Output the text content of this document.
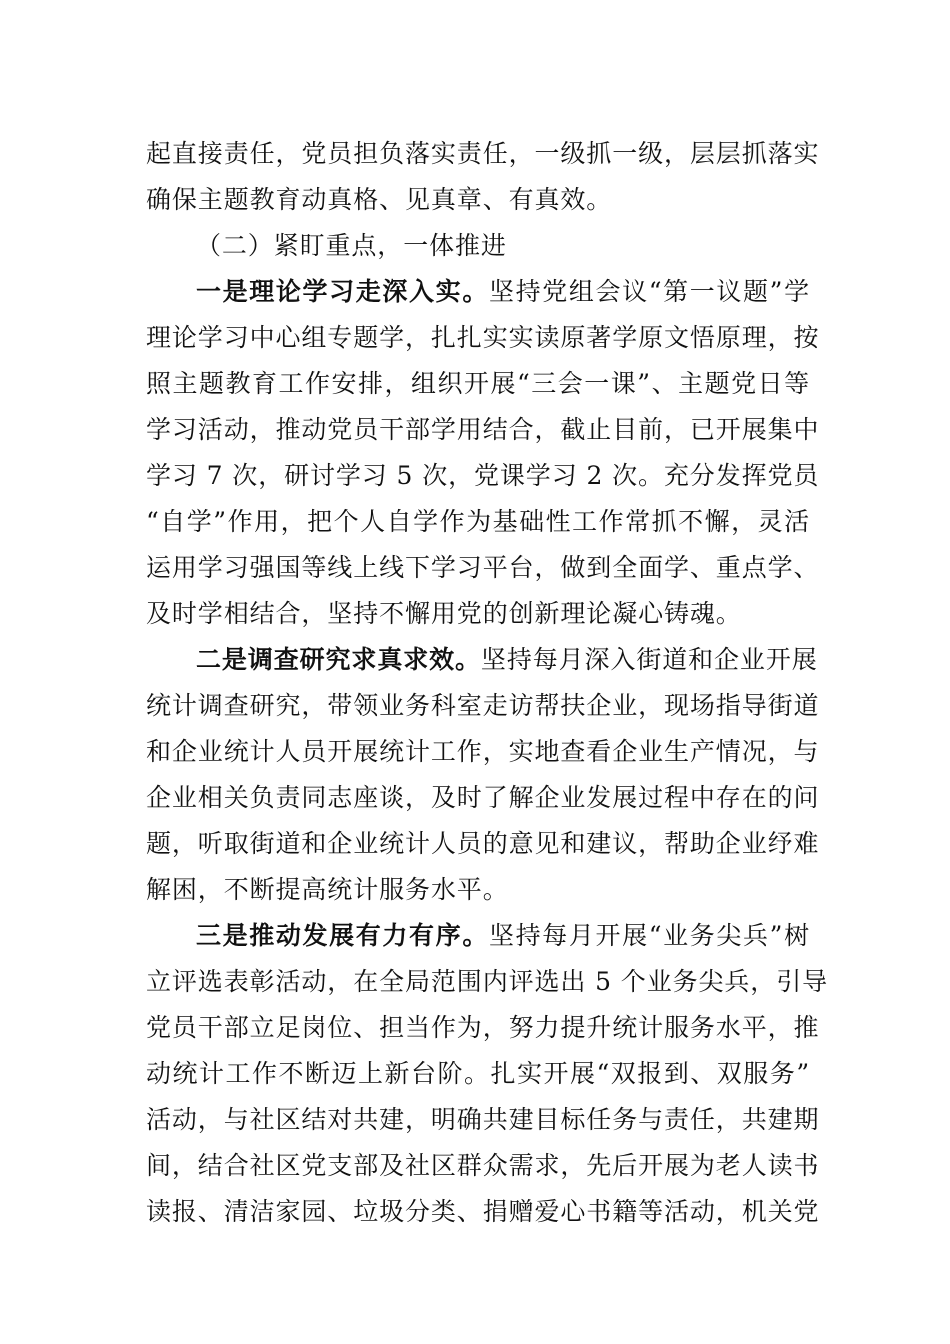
起直接责任，党员担负落实责任，一级抓一级，层层抓落实
确保主题教育动真格、见真章、有真效。
（二）紧盯重点，一体推进
一是理论学习走深入实。坚持党组会议“第一议题”学
理论学习中心组专题学，扎扎实实读原著学原文悟原理，按
照主题教育工作安排，组织开展“三会一课”、主题党日等
学习活动，推动党员干部学用结合，截止目前，已开展集中
学习 7 次，研讨学习 5 次，党课学习 2 次。充分发挥党员
“自学”作用，把个人自学作为基础性工作常抓不懈，灵活
运用学习强国等线上线下学习平台，做到全面学、重点学、
及时学相结合，坚持不懈用党的创新理论凝心铸魂。
二是调查研究求真求效。坚持每月深入街道和企业开展
统计调查研究，带领业务科室走访帮扶企业，现场指导街道
和企业统计人员开展统计工作，实地查看企业生产情况，与
企业相关负责同志座谈，及时了解企业发展过程中存在的问
题，听取街道和企业统计人员的意见和建议，帮助企业纾难
解困，不断提高统计服务水平。
三是推动发展有力有序。坚持每月开展“业务尖兵”树
立评选表彰活动，在全局范围内评选出 5 个业务尖兵，引导
党员干部立足岗位、担当作为，努力提升统计服务水平，推
动统计工作不断迈上新台阶。扎实开展“双报到、双服务”
活动，与社区结对共建，明确共建目标任务与责任，共建期
间，结合社区党支部及社区群众需求，先后开展为老人读书
读报、清洁家园、垃圾分类、捐赠爱心书籍等活动，机关党
